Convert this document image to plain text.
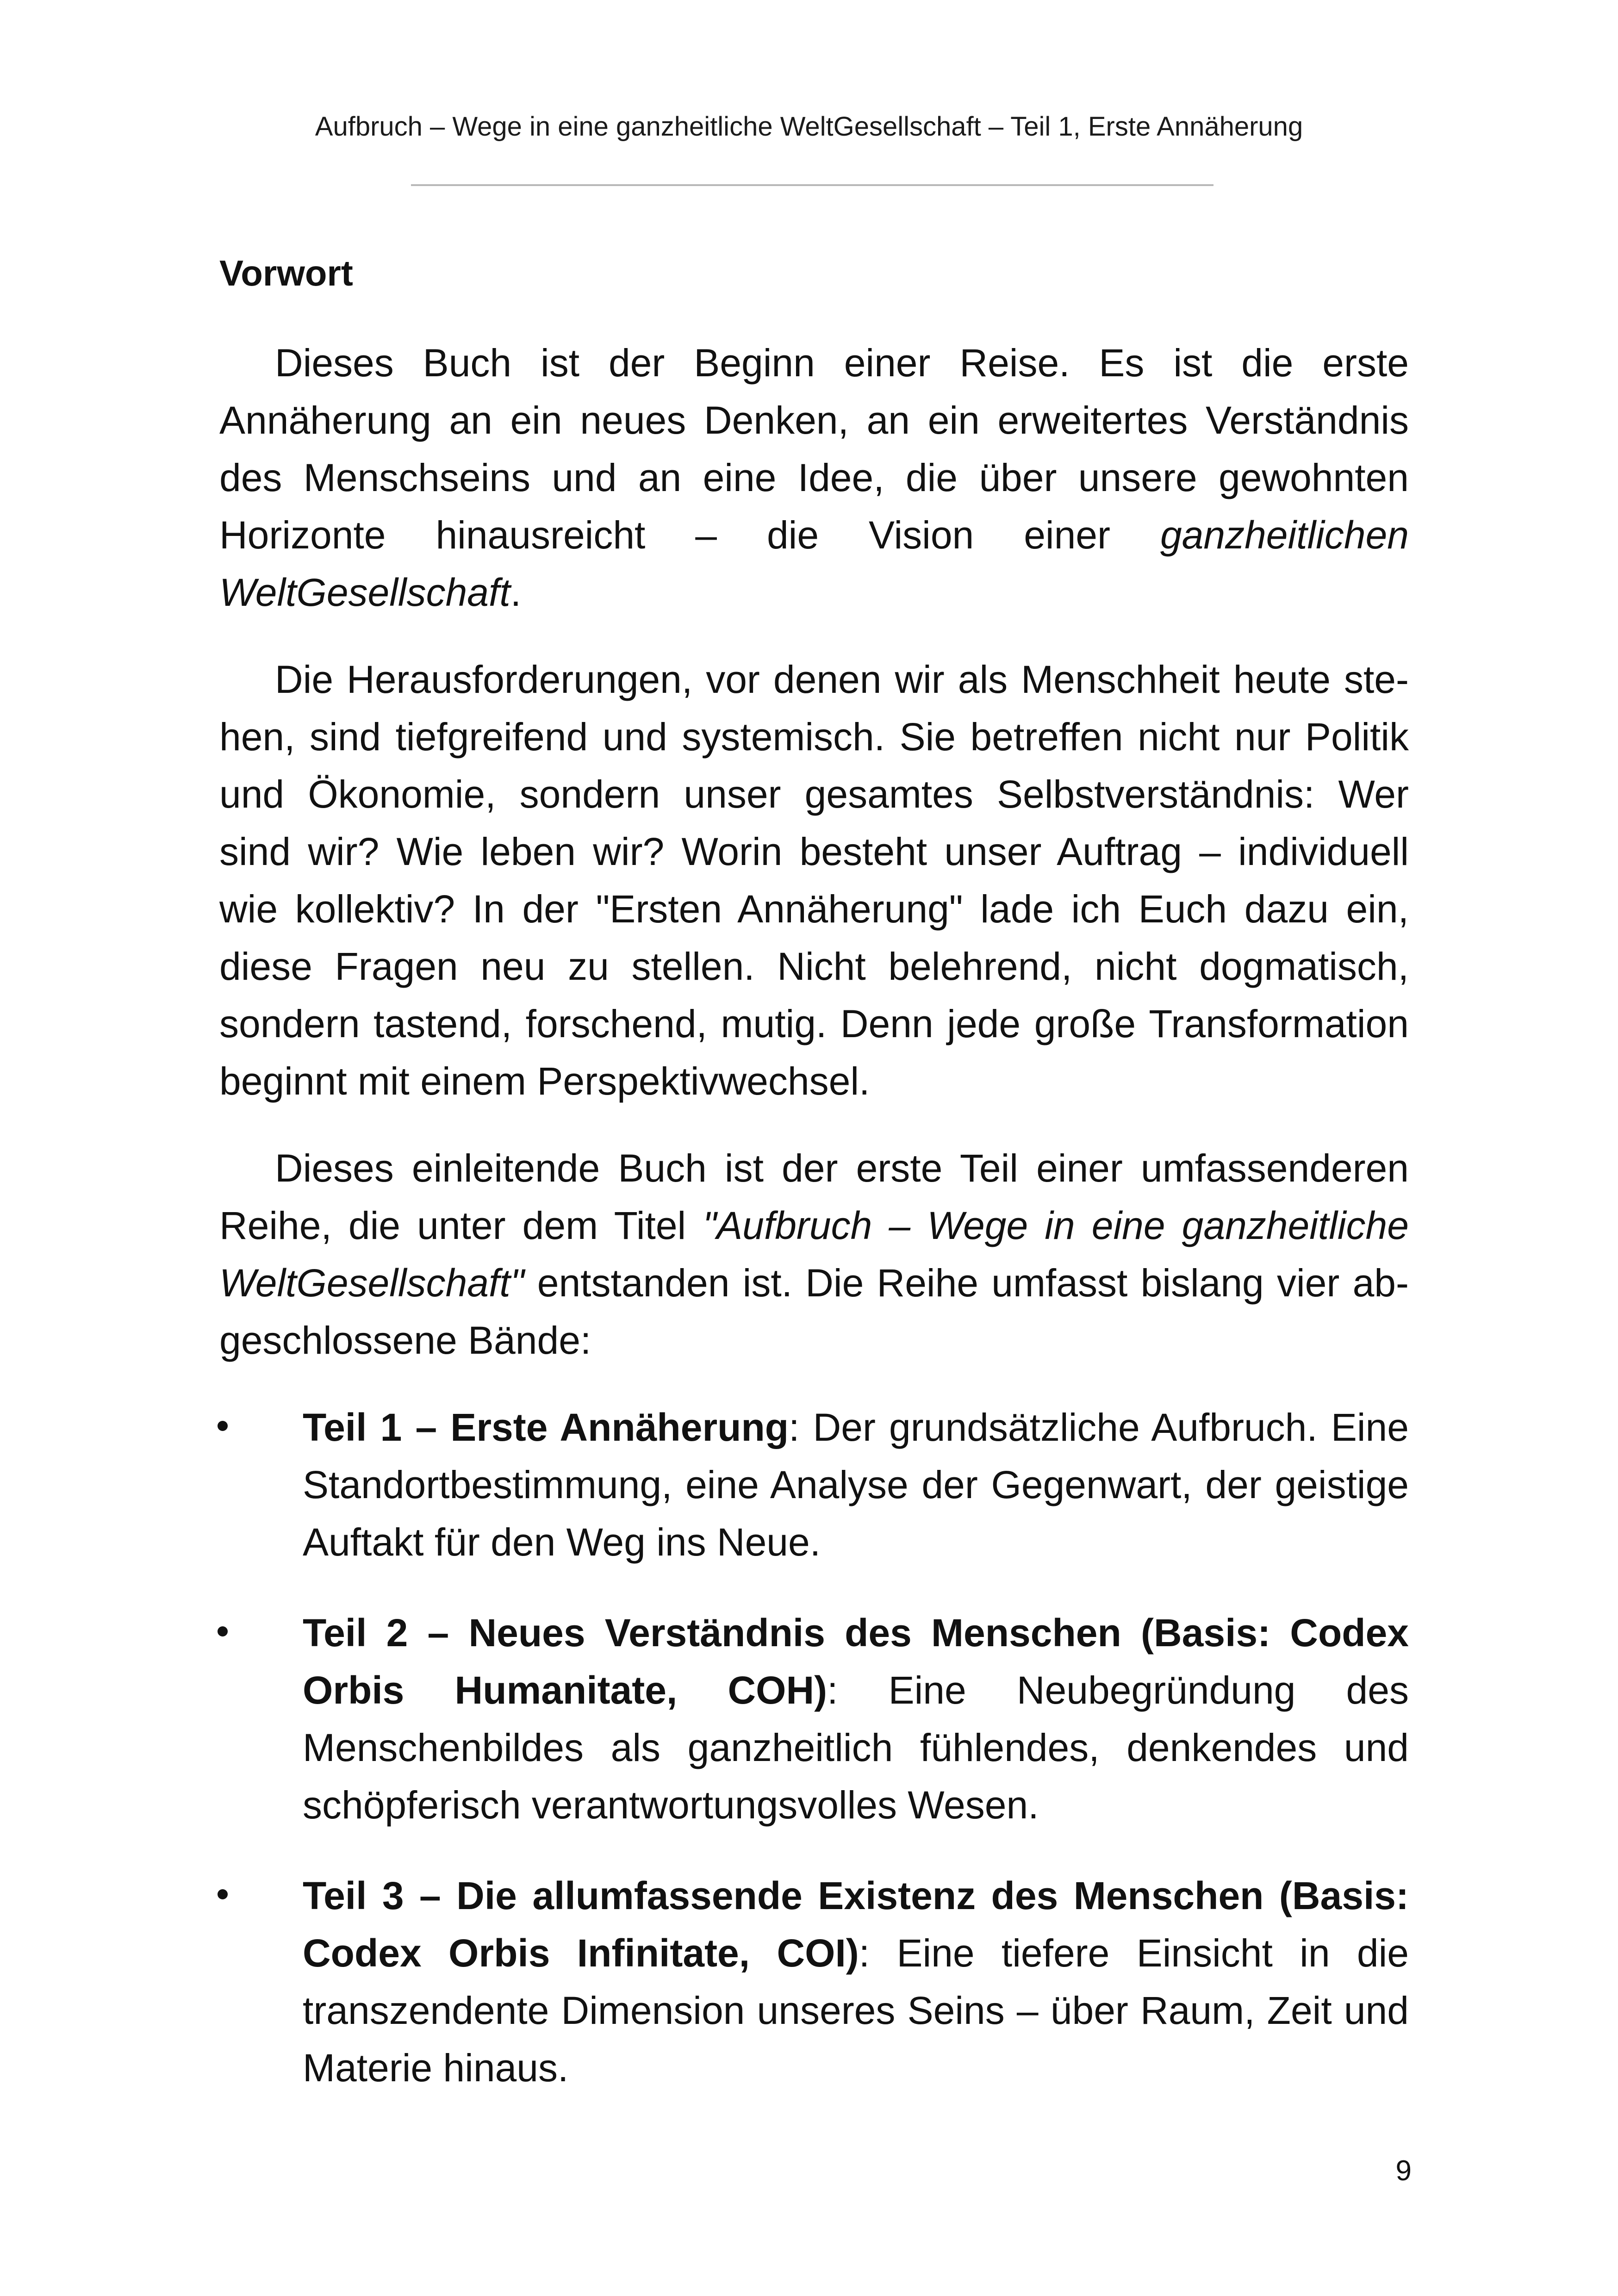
Aufbruch – Wege in eine ganzheitliche WeltGesellschaft – Teil 1, Erste Annäherung
Vorwort

Dieses Buch ist der Beginn einer Reise. Es ist die erste Annäherung an ein neues Denken, an ein erweitertes Verständnis des Menschseins und an eine Idee, die über unsere gewohnten Horizonte hinausreicht – die Vision einer ganzheitlichen WeltGesellschaft.

Die Herausforderungen, vor denen wir als Menschheit heute stehen, sind tiefgreifend und systemisch. Sie betreffen nicht nur Politik und Ökonomie, sondern unser gesamtes Selbstverständnis: Wer sind wir? Wie leben wir? Worin besteht unser Auftrag – individuell wie kollektiv? In der "Ersten Annäherung" lade ich Euch dazu ein, diese Fragen neu zu stellen. Nicht belehrend, nicht dogmatisch, sondern tastend, forschend, mutig. Denn jede große Transformation beginnt mit einem Perspektivwechsel.

Dieses einleitende Buch ist der erste Teil einer umfassenderen Reihe, die unter dem Titel "Aufbruch – Wege in eine ganzheitliche WeltGesellschaft" entstanden ist. Die Reihe umfasst bislang vier abgeschlossene Bände:

Teil 1 – Erste Annäherung: Der grundsätzliche Aufbruch. Eine Standortbestimmung, eine Analyse der Gegenwart, der geistige Auftakt für den Weg ins Neue.
Teil 2 – Neues Verständnis des Menschen (Basis: Codex Orbis Humanitate, COH): Eine Neubegründung des Menschenbildes als ganzheitlich fühlendes, denkendes und schöpferisch verantwortungsvolles Wesen.
Teil 3 – Die allumfassende Existenz des Menschen (Basis: Codex Orbis Infinitate, COI): Eine tiefere Einsicht in die transzendente Dimension unseres Seins – über Raum, Zeit und Materie hinaus.
9
